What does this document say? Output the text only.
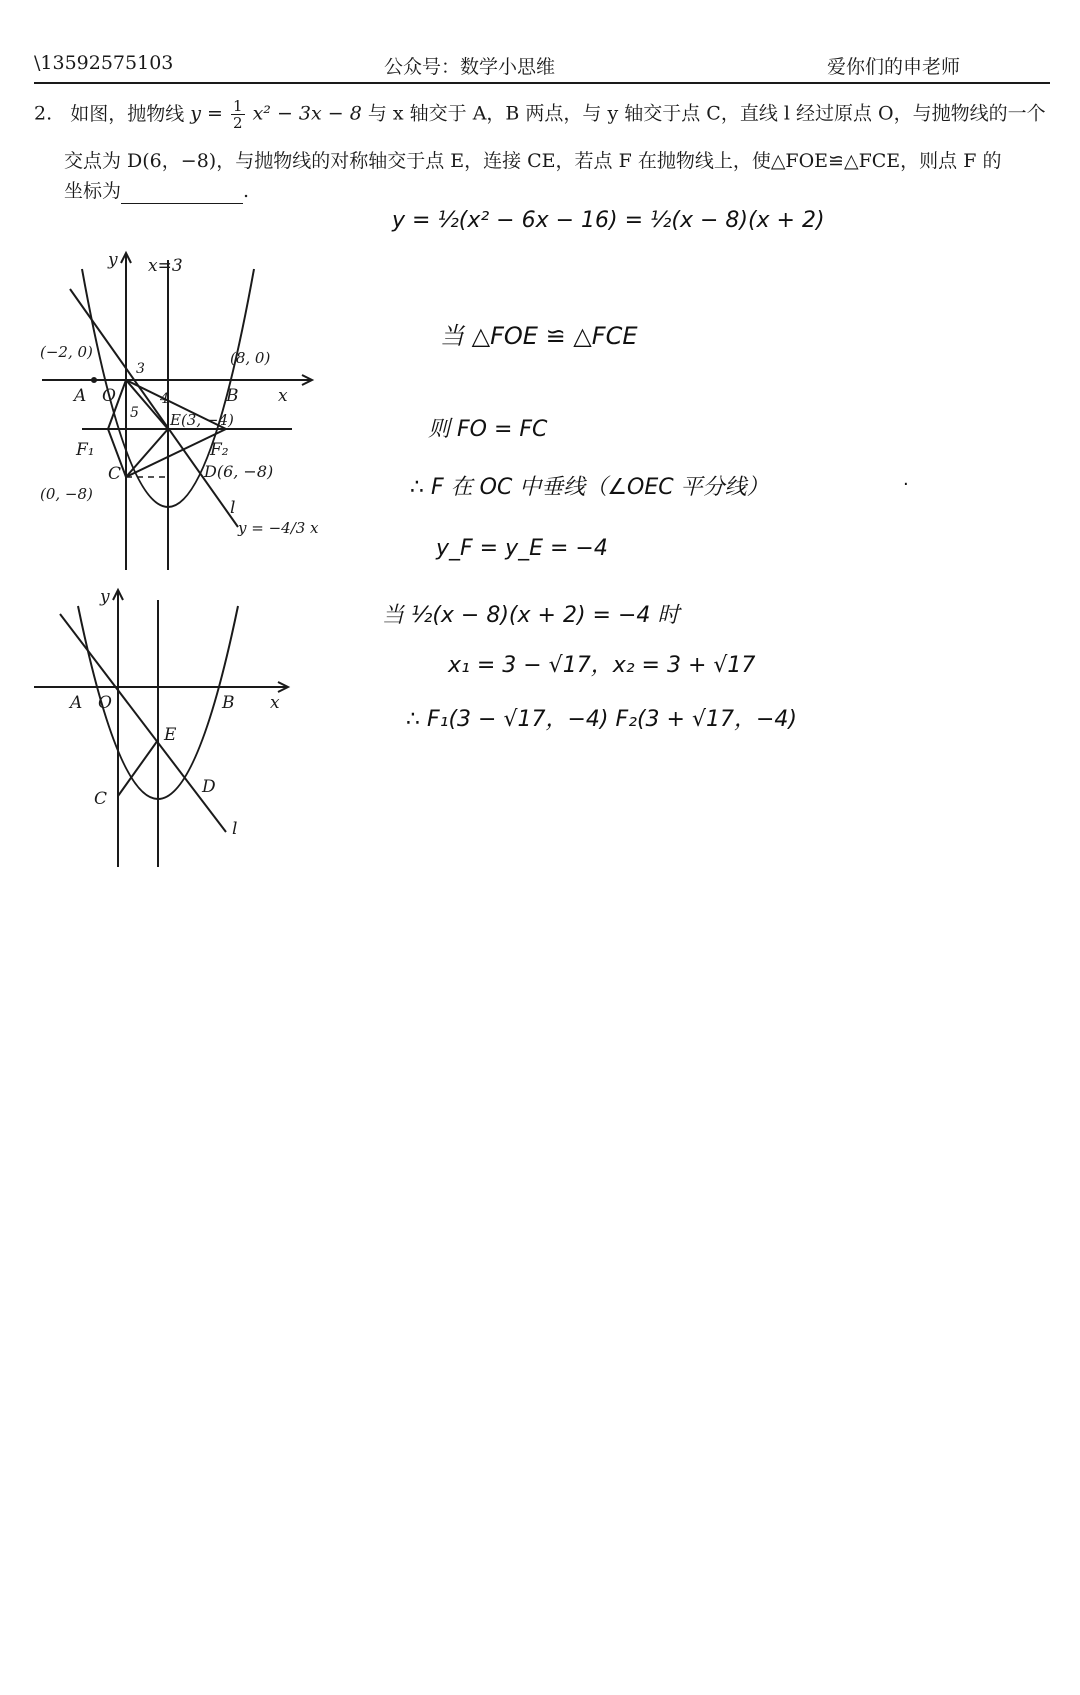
\13592575103	公众号：数学小思维	爱你们的申老师
2. 如图，抛物线 $y = \frac{1}{2} x^2 - 3x - 8$ 与 x 轴交于 A，B 两点，与 y 轴交于点 C，直线 l 经过原点 O，与抛物线的一个
交点为 D(6，−8)，与抛物线的对称轴交于点 E，连接 CE，若点 F 在抛物线上，使△FOE≌△FCE，则点 F 的
坐标为	.
y = ½(x² − 6x − 16) = ½(x − 8)(x + 2)
当 △FOE ≌ △FCE
则 FO = FC
∴ F 在 OC 中垂线（∠OEC 平分线）
y_F = y_E = −4
当 ½(x − 8)(x + 2) = −4 时
x₁ = 3 − √17，x₂ = 3 + √17
∴ F₁(3 − √17，−4) F₂(3 + √17，−4)
·
y x=3
(−2, 0)	(8, 0)
A O	B x
3
4
5 E(3, −4)
F₁	F₂
C
(0, −8)
D(6, −8)
l
y = −4/3 x
y
A O	B x
E
D
C
l
